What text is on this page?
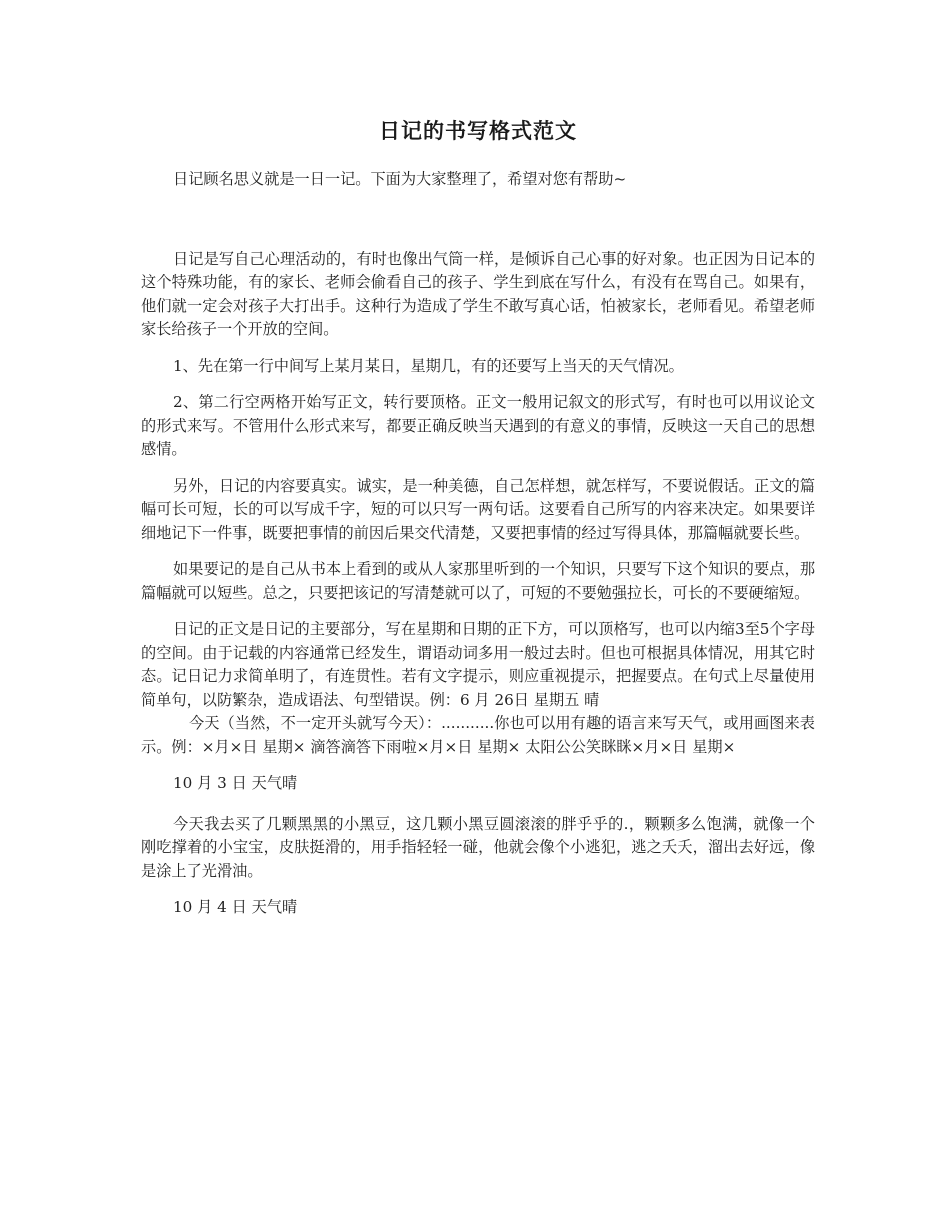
日记的书写格式范文
日记顾名思义就是一日一记。下面为大家整理了，希望对您有帮助~
日记是写自己心理活动的，有时也像出气筒一样，是倾诉自己心事的好对象。也正因为日记本的这个特殊功能，有的家长、老师会偷看自己的孩子、学生到底在写什么，有没有在骂自己。如果有，他们就一定会对孩子大打出手。这种行为造成了学生不敢写真心话，怕被家长，老师看见。希望老师家长给孩子一个开放的空间。
1、先在第一行中间写上某月某日，星期几，有的还要写上当天的天气情况。
2、第二行空两格开始写正文，转行要顶格。正文一般用记叙文的形式写，有时也可以用议论文的形式来写。不管用什么形式来写，都要正确反映当天遇到的有意义的事情，反映这一天自己的思想感情。
另外，日记的内容要真实。诚实，是一种美德，自己怎样想，就怎样写，不要说假话。正文的篇幅可长可短，长的可以写成千字，短的可以只写一两句话。这要看自己所写的内容来决定。如果要详细地记下一件事，既要把事情的前因后果交代清楚，又要把事情的经过写得具体，那篇幅就要长些。
如果要记的是自己从书本上看到的或从人家那里听到的一个知识，只要写下这个知识的要点，那篇幅就可以短些。总之，只要把该记的写清楚就可以了，可短的不要勉强拉长，可长的不要硬缩短。
日记的正文是日记的主要部分，写在星期和日期的正下方，可以顶格写，也可以内缩3至5个字母的空间。由于记载的内容通常已经发生，谓语动词多用一般过去时。但也可根据具体情况，用其它时态。记日记力求简单明了，有连贯性。若有文字提示，则应重视提示，把握要点。在句式上尽量使用简单句，以防繁杂，造成语法、句型错误。例：6 月 26日 星期五 晴
今天（当然，不一定开头就写今天）：...........你也可以用有趣的语言来写天气，或用画图来表示。例：×月×日 星期× 滴答滴答下雨啦×月×日 星期× 太阳公公笑眯眯×月×日 星期×
10 月 3 日 天气晴
今天我去买了几颗黑黑的小黑豆，这几颗小黑豆圆滚滚的胖乎乎的.，颗颗多么饱满，就像一个刚吃撑着的小宝宝，皮肤挺滑的，用手指轻轻一碰，他就会像个小逃犯，逃之夭夭，溜出去好远，像是涂上了光滑油。
10 月 4 日 天气晴
